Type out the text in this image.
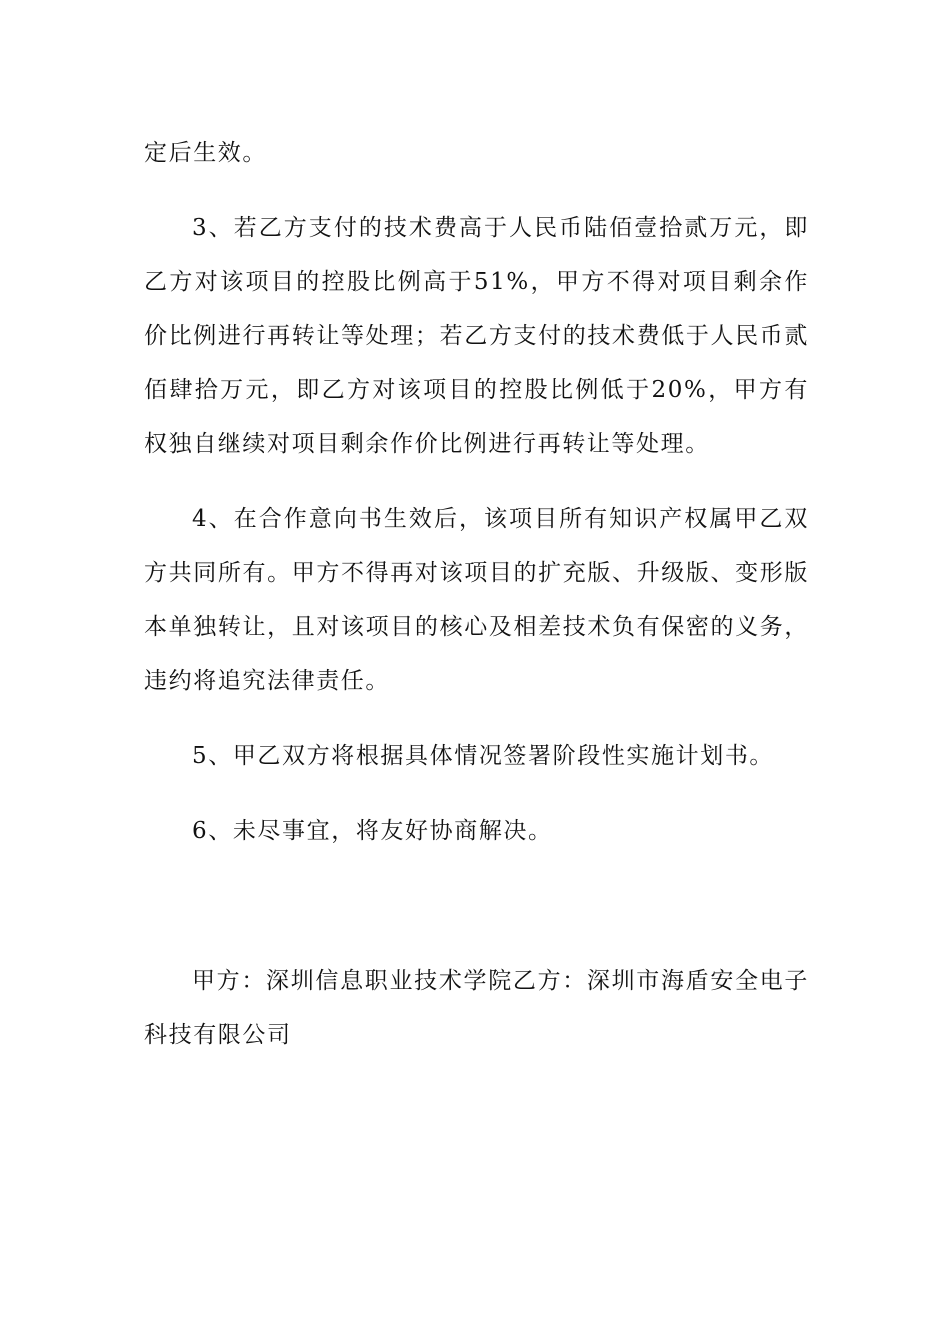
定后生效。

3、若乙方支付的技术费高于人民币陆佰壹拾贰万元，即乙方对该项目的控股比例高于51%，甲方不得对项目剩余作价比例进行再转让等处理；若乙方支付的技术费低于人民币贰佰肆拾万元，即乙方对该项目的控股比例低于20%，甲方有权独自继续对项目剩余作价比例进行再转让等处理。

4、在合作意向书生效后，该项目所有知识产权属甲乙双方共同所有。甲方不得再对该项目的扩充版、升级版、变形版本单独转让，且对该项目的核心及相差技术负有保密的义务，违约将追究法律责任。

5、甲乙双方将根据具体情况签署阶段性实施计划书。

6、未尽事宜，将友好协商解决。

甲方：深圳信息职业技术学院乙方：深圳市海盾安全电子科技有限公司
